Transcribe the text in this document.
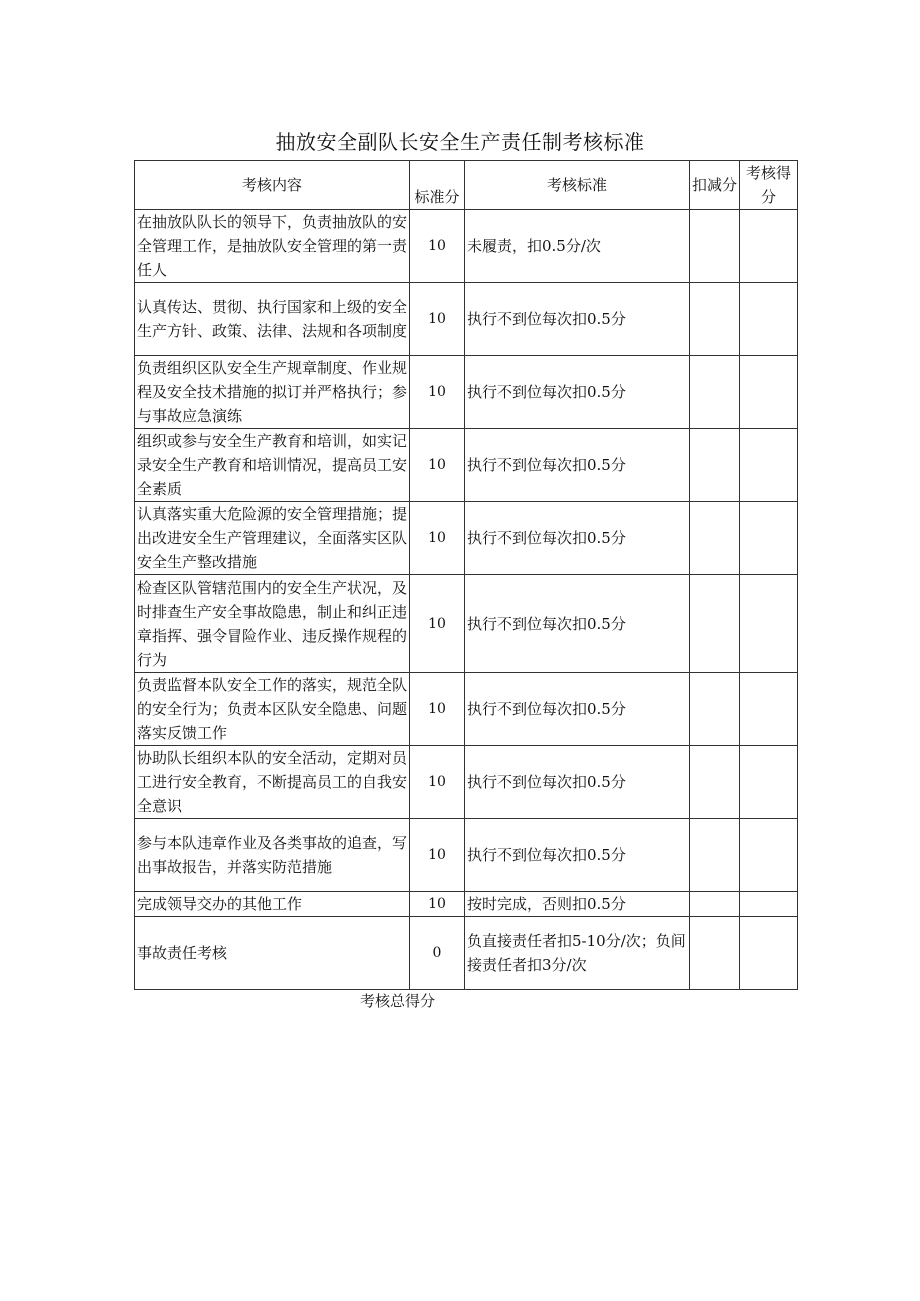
抽放安全副队长安全生产责任制考核标准
考核内容	标准分	考核标准	扣减分	考核得分
在抽放队队长的领导下，负责抽放队的安全管理工作，是抽放队安全管理的第一责任人	10	未履责，扣0.5分/次		
认真传达、贯彻、执行国家和上级的安全生产方针、政策、法律、法规和各项制度	10	执行不到位每次扣0.5分		
负责组织区队安全生产规章制度、作业规程及安全技术措施的拟订并严格执行；参与事故应急演练	10	执行不到位每次扣0.5分		
组织或参与安全生产教育和培训，如实记录安全生产教育和培训情况，提高员工安全素质	10	执行不到位每次扣0.5分		
认真落实重大危险源的安全管理措施；提出改进安全生产管理建议，全面落实区队安全生产整改措施	10	执行不到位每次扣0.5分		
检查区队管辖范围内的安全生产状况，及时排查生产安全事故隐患，制止和纠正违章指挥、强令冒险作业、违反操作规程的行为	10	执行不到位每次扣0.5分		
负责监督本队安全工作的落实，规范全队的安全行为；负责本区队安全隐患、问题落实反馈工作	10	执行不到位每次扣0.5分		
协助队长组织本队的安全活动，定期对员工进行安全教育，不断提高员工的自我安全意识	10	执行不到位每次扣0.5分		
参与本队违章作业及各类事故的追查，写出事故报告，并落实防范措施	10	执行不到位每次扣0.5分		
完成领导交办的其他工作	10	按时完成，否则扣0.5分		
事故责任考核	0	负直接责任者扣5-10分/次；负间接责任者扣3分/次		
考核总得分
